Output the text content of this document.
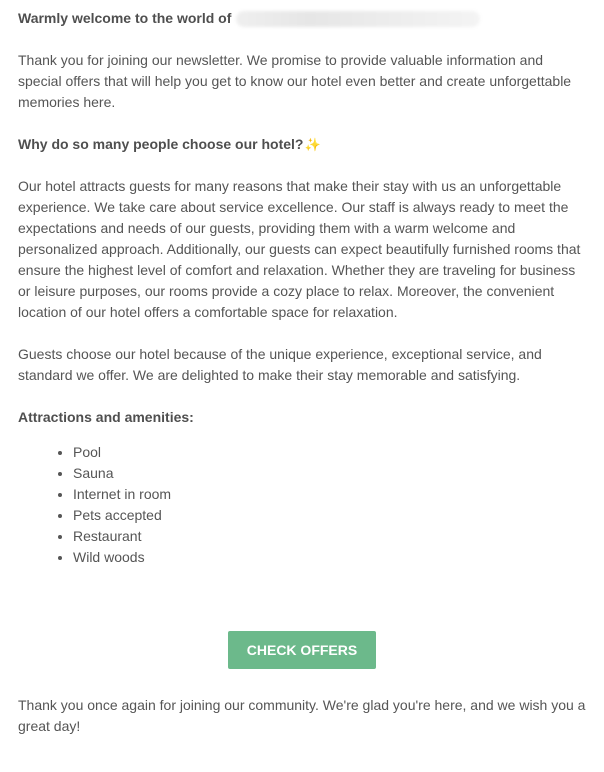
Warmly welcome to the world of

Thank you for joining our newsletter. We promise to provide valuable information and special offers that will help you get to know our hotel even better and create unforgettable memories here.

Why do so many people choose our hotel?✨

Our hotel attracts guests for many reasons that make their stay with us an unforgettable experience. We take care about service excellence. Our staff is always ready to meet the expectations and needs of our guests, providing them with a warm welcome and personalized approach. Additionally, our guests can expect beautifully furnished rooms that ensure the highest level of comfort and relaxation. Whether they are traveling for business or leisure purposes, our rooms provide a cozy place to relax. Moreover, the convenient location of our hotel offers a comfortable space for relaxation.

Guests choose our hotel because of the unique experience, exceptional service, and standard we offer. We are delighted to make their stay memorable and satisfying.

Attractions and amenities:
• Pool
• Sauna
• Internet in room
• Pets accepted
• Restaurant
• Wild woods
CHECK OFFERS

Thank you once again for joining our community. We're glad you're here, and we wish you a great day!
